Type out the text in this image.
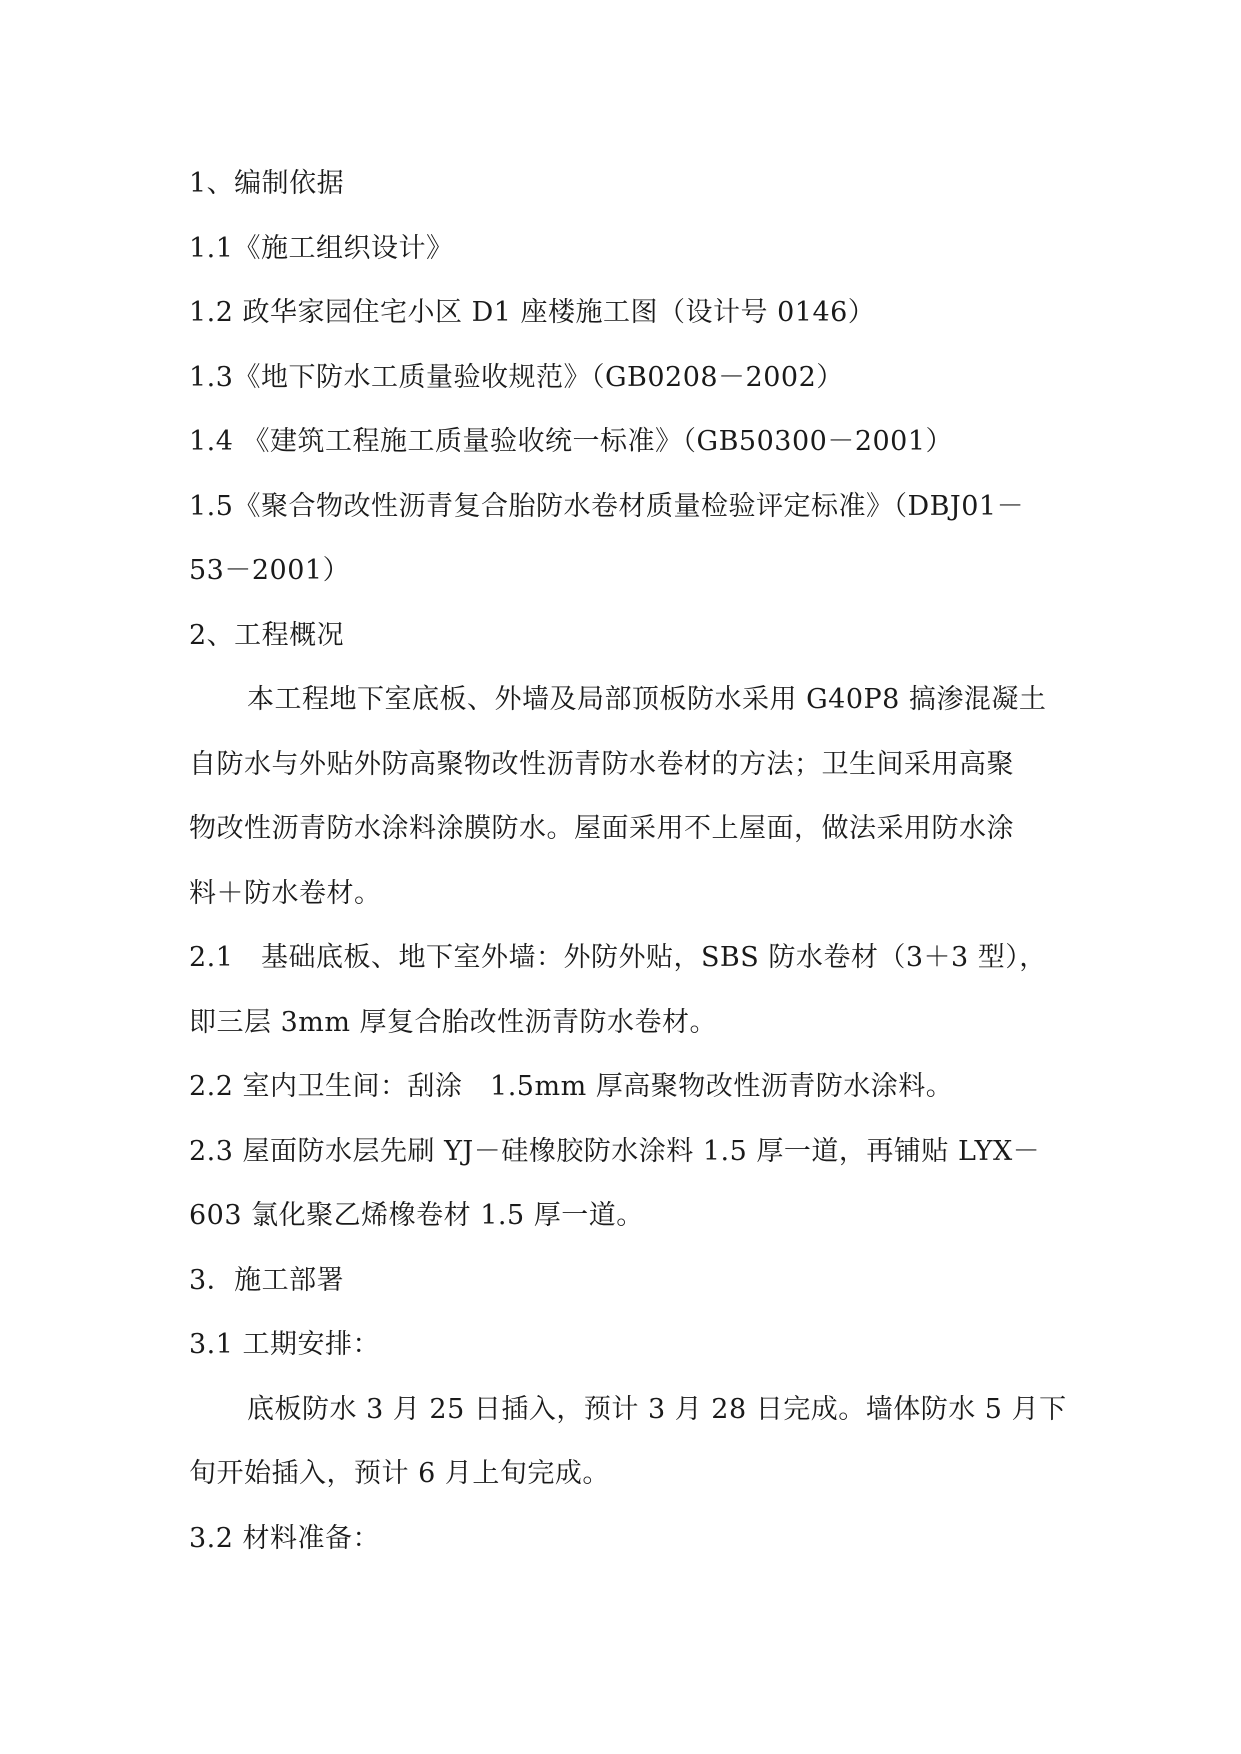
1、编制依据
1.1《施工组织设计》
1.2 政华家园住宅小区 D1 座楼施工图（设计号 0146）
1.3《地下防水工质量验收规范》（GB0208－2002）
1.4 《建筑工程施工质量验收统一标准》（GB50300－2001）
1.5《聚合物改性沥青复合胎防水卷材质量检验评定标准》（DBJ01－
53－2001）
2、工程概况
本工程地下室底板、外墙及局部顶板防水采用 G40P8 搞渗混凝土
自防水与外贴外防高聚物改性沥青防水卷材的方法；卫生间采用高聚
物改性沥青防水涂料涂膜防水。屋面采用不上屋面，做法采用防水涂
料＋防水卷材。
2.1　基础底板、地下室外墙：外防外贴，SBS 防水卷材（3＋3 型），
即三层 3mm 厚复合胎改性沥青防水卷材。
2.2 室内卫生间：刮涂　1.5mm 厚高聚物改性沥青防水涂料。
2.3 屋面防水层先刷 YJ－硅橡胶防水涂料 1.5 厚一道，再铺贴 LYX－
603 氯化聚乙烯橡卷材 1.5 厚一道。
3．施工部署
3.1 工期安排：
底板防水 3 月 25 日插入，预计 3 月 28 日完成。墙体防水 5 月下
旬开始插入，预计 6 月上旬完成。
3.2 材料准备：
